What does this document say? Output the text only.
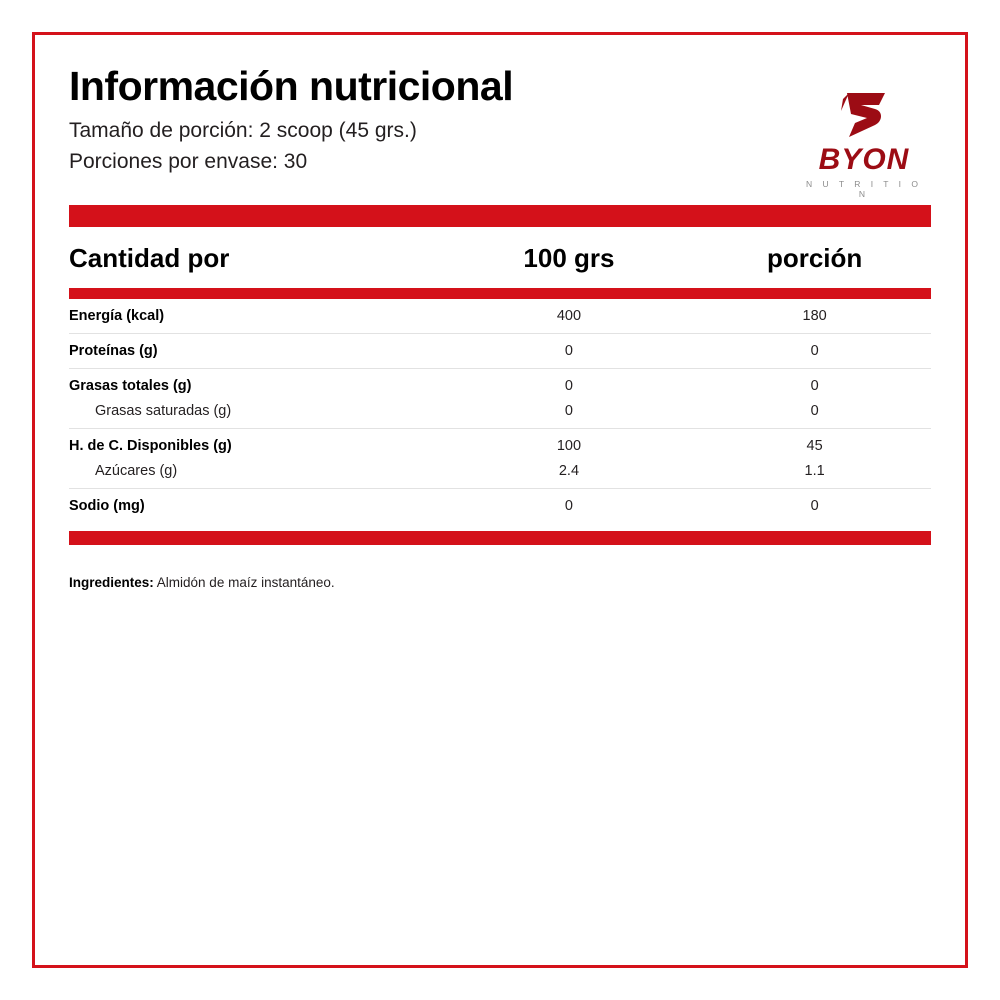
Información nutricional
Tamaño de porción: 2 scoop (45 grs.)
Porciones por envase: 30	BYON
N U T R I T I O N
Cantidad por	100 grs	porción
Energía (kcal)	400	180

Proteínas (g)	0	0

Grasas totales (g)	0	0
Grasas saturadas (g)	0	0

H. de C. Disponibles (g)	100	45
Azúcares (g)	2.4	1.1

Sodio (mg)	0	0
Ingredientes: Almidón de maíz instantáneo.
